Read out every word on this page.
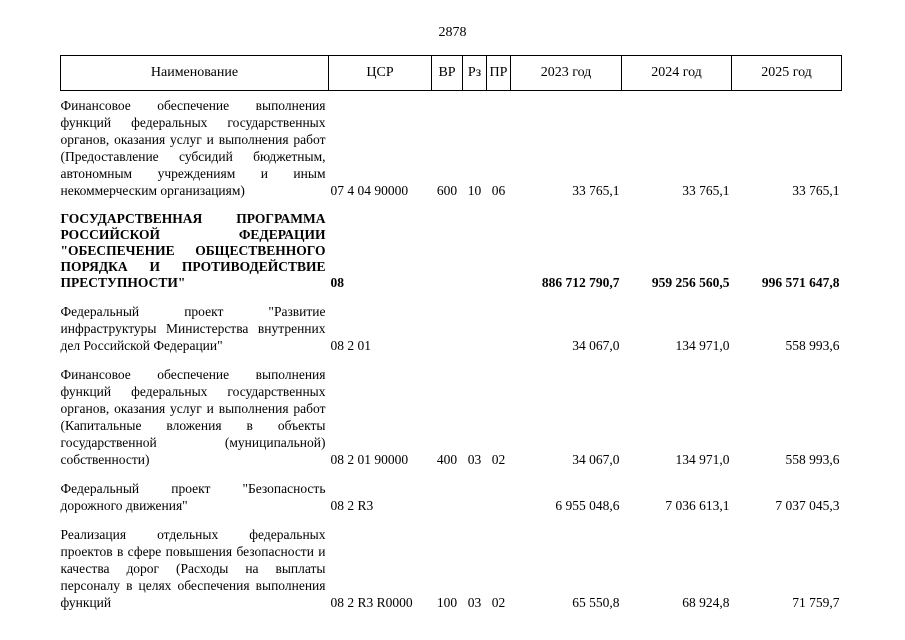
2878
Наименование	ЦСР	ВР	Рз	ПР	2023 год	2024 год	2025 год
Финансовое обеспечение выполнения функций федеральных государственных органов, оказания услуг и выполнения работ (Предоставление субсидий бюджетным, автономным учреждениям и иным некоммерческим организациям)	07 4 04 90000	600	10	06	33 765,1	33 765,1	33 765,1
ГОСУДАРСТВЕННАЯ ПРОГРАММА РОССИЙСКОЙ ФЕДЕРАЦИИ "ОБЕСПЕЧЕНИЕ ОБЩЕСТВЕННОГО ПОРЯДКА И ПРОТИВОДЕЙСТВИЕ ПРЕСТУПНОСТИ"	08				886 712 790,7	959 256 560,5	996 571 647,8
Федеральный проект "Развитие инфраструктуры Министерства внутренних дел Российской Федерации"	08 2 01				34 067,0	134 971,0	558 993,6
Финансовое обеспечение выполнения функций федеральных государственных органов, оказания услуг и выполнения работ (Капитальные вложения в объекты государственной (муниципальной) собственности)	08 2 01 90000	400	03	02	34 067,0	134 971,0	558 993,6
Федеральный проект "Безопасность дорожного движения"	08 2 R3				6 955 048,6	7 036 613,1	7 037 045,3
Реализация отдельных федеральных проектов в сфере повышения безопасности и качества дорог (Расходы на выплаты персоналу в целях обеспечения выполнения функций	08 2 R3 R0000	100	03	02	65 550,8	68 924,8	71 759,7
